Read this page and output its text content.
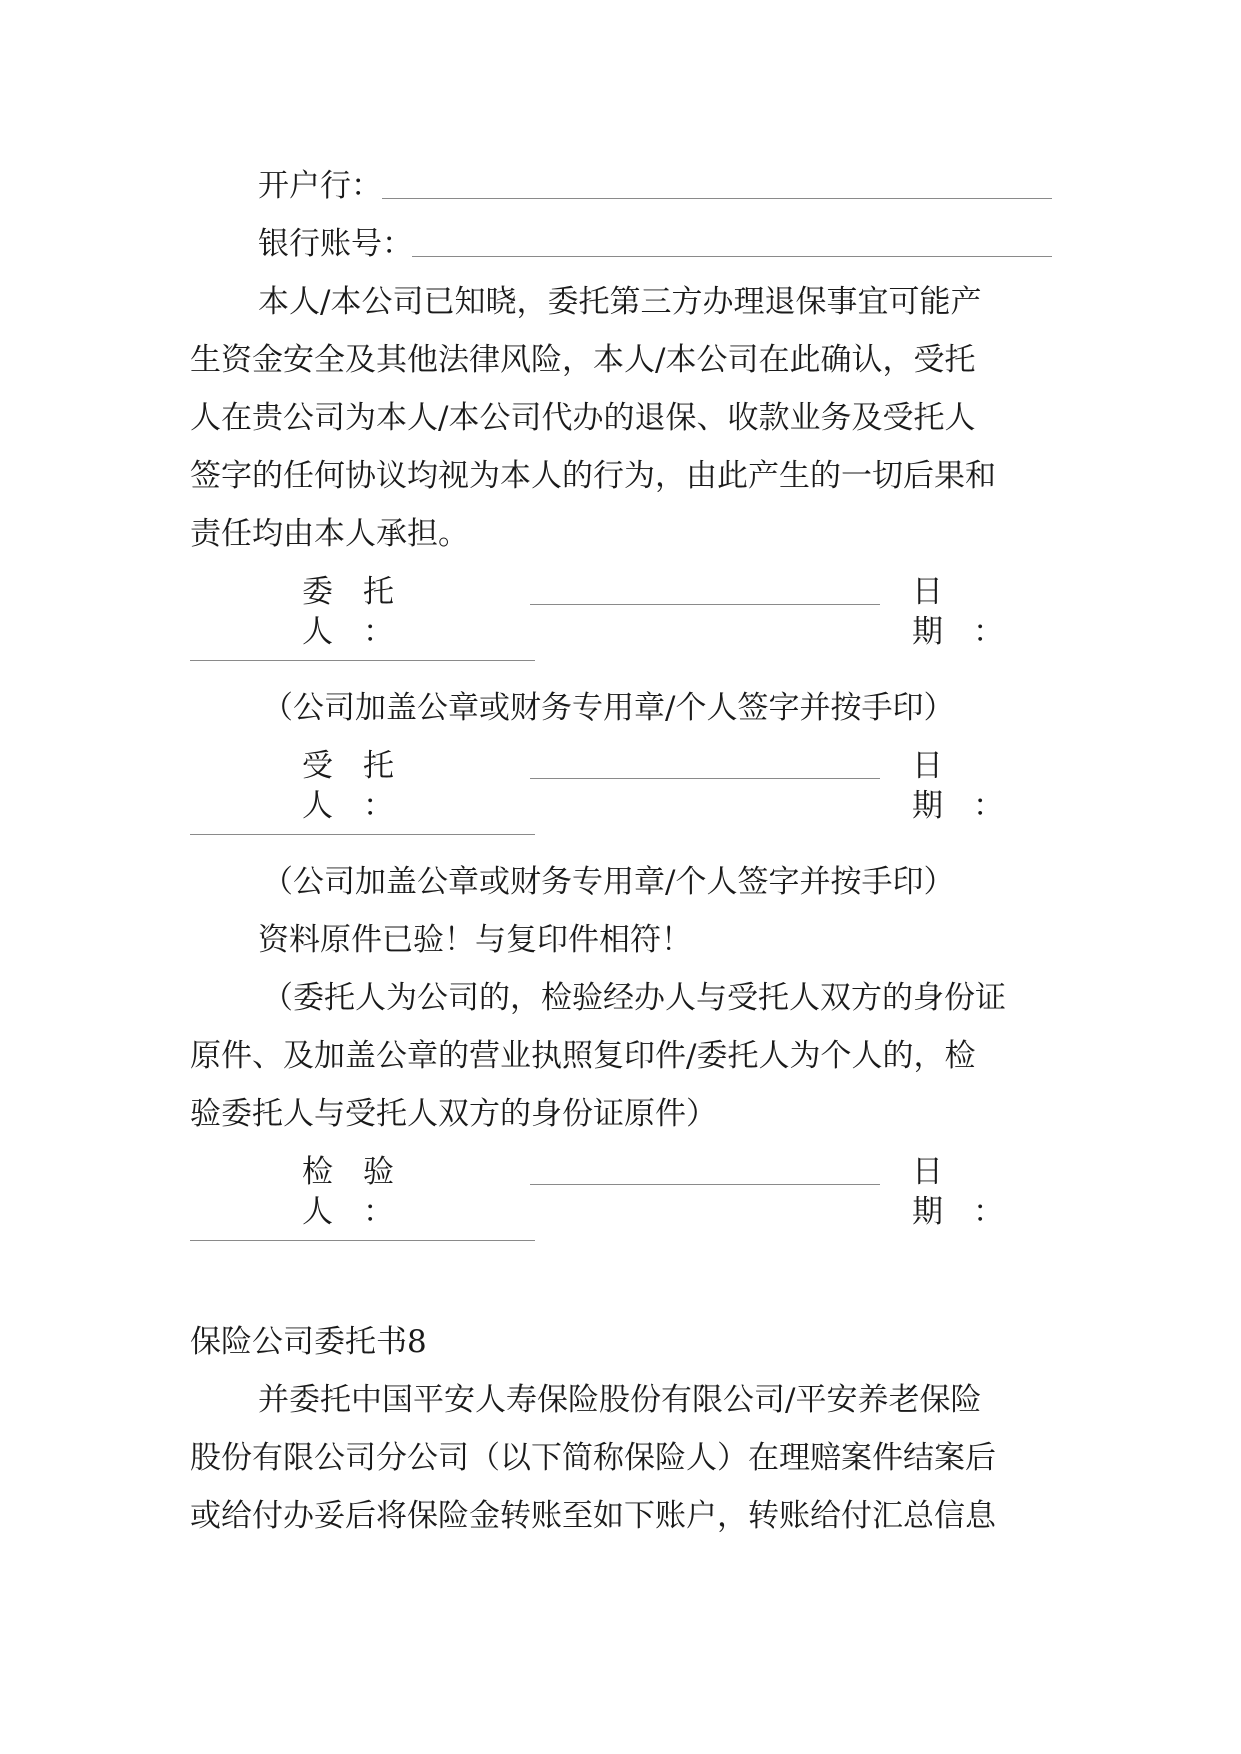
开户行：
银行账号：
本人/本公司已知晓，委托第三方办理退保事宜可能产
生资金安全及其他法律风险，本人/本公司在此确认，受托
人在贵公司为本人/本公司代办的退保、收款业务及受托人
签字的任何协议均视为本人的行为，由此产生的一切后果和
责任均由本人承担。
委托人：
日期：
（公司加盖公章或财务专用章/个人签字并按手印）
受托人：
日期：
（公司加盖公章或财务专用章/个人签字并按手印）
资料原件已验！与复印件相符！
（委托人为公司的，检验经办人与受托人双方的身份证
原件、及加盖公章的营业执照复印件/委托人为个人的，检
验委托人与受托人双方的身份证原件）
检验人：
日期：
保险公司委托书8
并委托中国平安人寿保险股份有限公司/平安养老保险
股份有限公司分公司（以下简称保险人）在理赔案件结案后
或给付办妥后将保险金转账至如下账户，转账给付汇总信息
